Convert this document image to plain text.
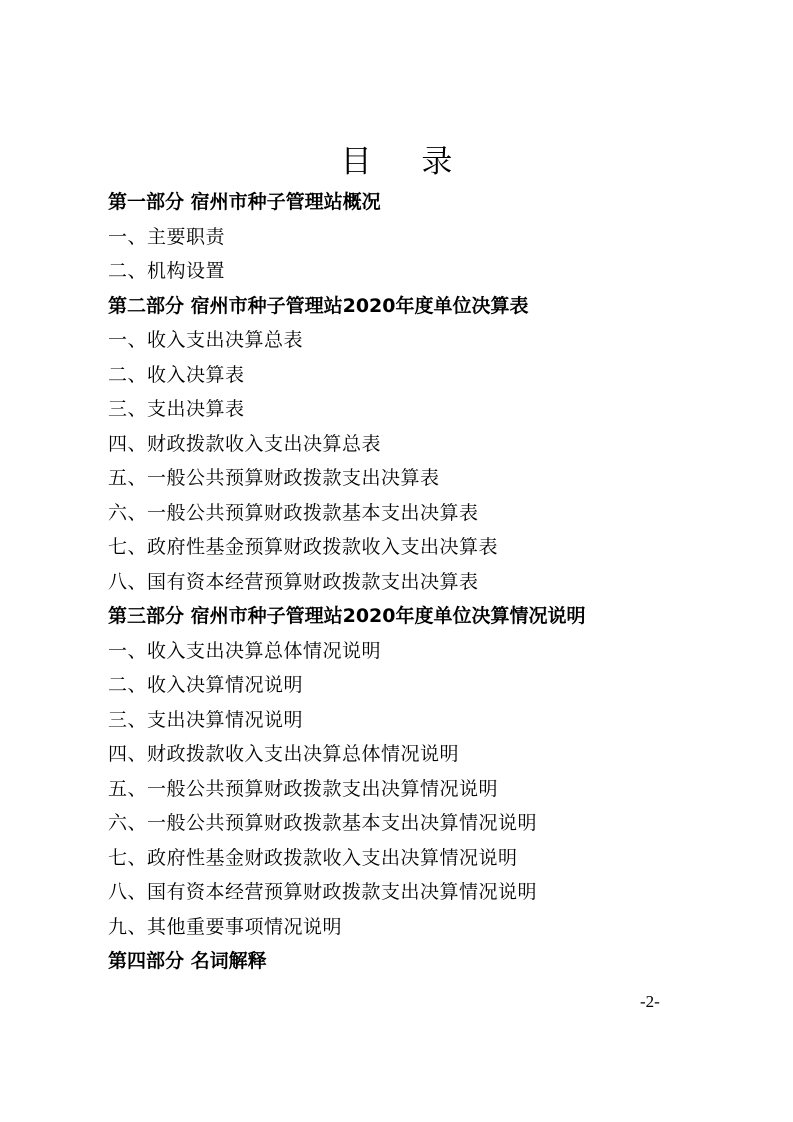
目 录
第一部分 宿州市种子管理站概况
一、主要职责
二、机构设置
第二部分 宿州市种子管理站2020年度单位决算表
一、收入支出决算总表
二、收入决算表
三、支出决算表
四、财政拨款收入支出决算总表
五、一般公共预算财政拨款支出决算表
六、一般公共预算财政拨款基本支出决算表
七、政府性基金预算财政拨款收入支出决算表
八、国有资本经营预算财政拨款支出决算表
第三部分 宿州市种子管理站2020年度单位决算情况说明
一、收入支出决算总体情况说明
二、收入决算情况说明
三、支出决算情况说明
四、财政拨款收入支出决算总体情况说明
五、一般公共预算财政拨款支出决算情况说明
六、一般公共预算财政拨款基本支出决算情况说明
七、政府性基金财政拨款收入支出决算情况说明
八、国有资本经营预算财政拨款支出决算情况说明
九、其他重要事项情况说明
第四部分 名词解释
-2-
